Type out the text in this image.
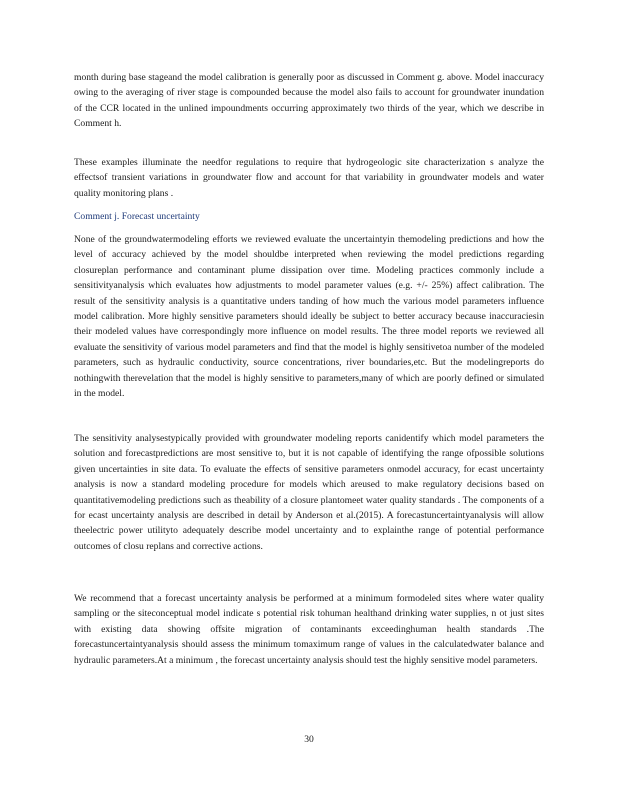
month during base stageand the model calibration is generally poor as discussed in Comment g. above. Model inaccuracy owing to the averaging of river stage is compounded because the model also fails to account for groundwater inundation of the CCR located in the unlined impoundments occurring approximately two thirds of the year, which we describe in Comment h.
These examples illuminate the needfor regulations to require that hydrogeologic site characterization s analyze the effectsof transient variations in groundwater flow and account for that variability in groundwater models and water quality monitoring plans .
Comment j. Forecast uncertainty
None of the groundwatermodeling efforts we reviewed evaluate the uncertaintyin themodeling predictions and how the level of accuracy achieved by the model shouldbe interpreted when reviewing the model predictions regarding closureplan performance and contaminant plume dissipation over time. Modeling practices commonly include a sensitivityanalysis which evaluates how adjustments to model parameter values (e.g. +/- 25%) affect calibration. The result of the sensitivity analysis is a quantitative unders tanding of how much the various model parameters influence model calibration. More highly sensitive parameters should ideally be subject to better accuracy because inaccuraciesin their modeled values have correspondingly more influence on model results. The three model reports we reviewed all evaluate the sensitivity of various model parameters and find that the model is highly sensitivetoa number of the modeled parameters, such as hydraulic conductivity, source concentrations, river boundaries,etc. But the modelingreports do nothingwith therevelation that the model is highly sensitive to parameters,many of which are poorly defined or simulated in the model.
The sensitivity analysestypically provided with groundwater modeling reports canidentify which model parameters the solution and forecastpredictions are most sensitive to, but it is not capable of identifying the range ofpossible solutions given uncertainties in site data. To evaluate the effects of sensitive parameters onmodel accuracy, for ecast uncertainty analysis is now a standard modeling procedure for models which areused to make regulatory decisions based on quantitativemodeling predictions such as theability of a closure plantomeet water quality standards . The components of a for ecast uncertainty analysis are described in detail by Anderson et al.(2015). A forecastuncertaintyanalysis will allow theelectric power utilityto adequately describe model uncertainty and to explainthe range of potential performance outcomes of closu replans and corrective actions.
We recommend that a forecast uncertainty analysis be performed at a minimum formodeled sites where water quality sampling or the siteconceptual model indicate s potential risk tohuman healthand drinking water supplies, n ot just sites with existing data showing offsite migration of contaminants exceedinghuman health standards .The forecastuncertaintyanalysis should assess the minimum tomaximum range of values in the calculatedwater balance and hydraulic parameters.At a minimum , the forecast uncertainty analysis should test the highly sensitive model parameters.
30
